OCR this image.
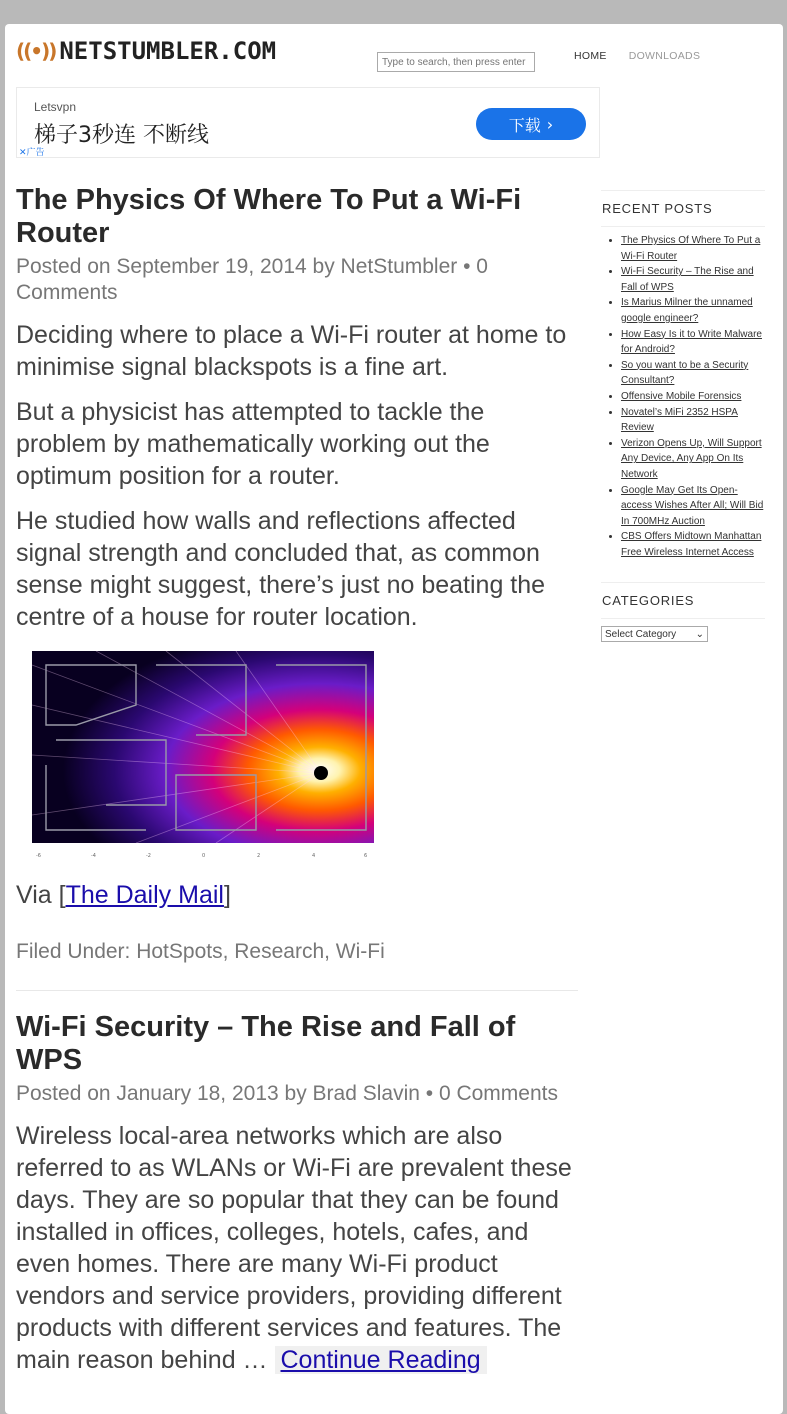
((•)) NETSTUMBLER.COM
Type to search, then press enter	HOME DOWNLOADS
Letsvpn
梯子3秒连 不断线	下载 ›
✕广告
The Physics Of Where To Put a Wi-Fi Router
Posted on September 19, 2014 by NetStumbler • 0 Comments

Deciding where to place a Wi-Fi router at home to minimise signal blackspots is a fine art.

But a physicist has attempted to tackle the problem by mathematically working out the optimum position for a router.

He studied how walls and reflections affected signal strength and concluded that, as common sense might suggest, there’s just no beating the centre of a house for router location.

-6	-4	-2	0	2	4	6
Via [The Daily Mail]
Filed Under: HotSpots, Research, Wi-Fi
Wi-Fi Security – The Rise and Fall of WPS
Posted on January 18, 2013 by Brad Slavin • 0 Comments

Wireless local-area networks which are also referred to as WLANs or Wi-Fi are prevalent these days. They are so popular that they can be found installed in offices, colleges, hotels, cafes, and even homes. There are many Wi-Fi product vendors and service providers, providing different products with different services and features. The main reason behind … Continue Reading

RECENT POSTS
• The Physics Of Where To Put a Wi-Fi Router
• Wi-Fi Security – The Rise and Fall of WPS
• Is Marius Milner the unnamed google engineer?
• How Easy Is it to Write Malware for Android?
• So you want to be a Security Consultant?
• Offensive Mobile Forensics
• Novatel’s MiFi 2352 HSPA Review
• Verizon Opens Up, Will Support Any Device, Any App On Its Network
• Google May Get Its Open-access Wishes After All; Will Bid In 700MHz Auction
• CBS Offers Midtown Manhattan Free Wireless Internet Access
CATEGORIES
Select Category ⌄
